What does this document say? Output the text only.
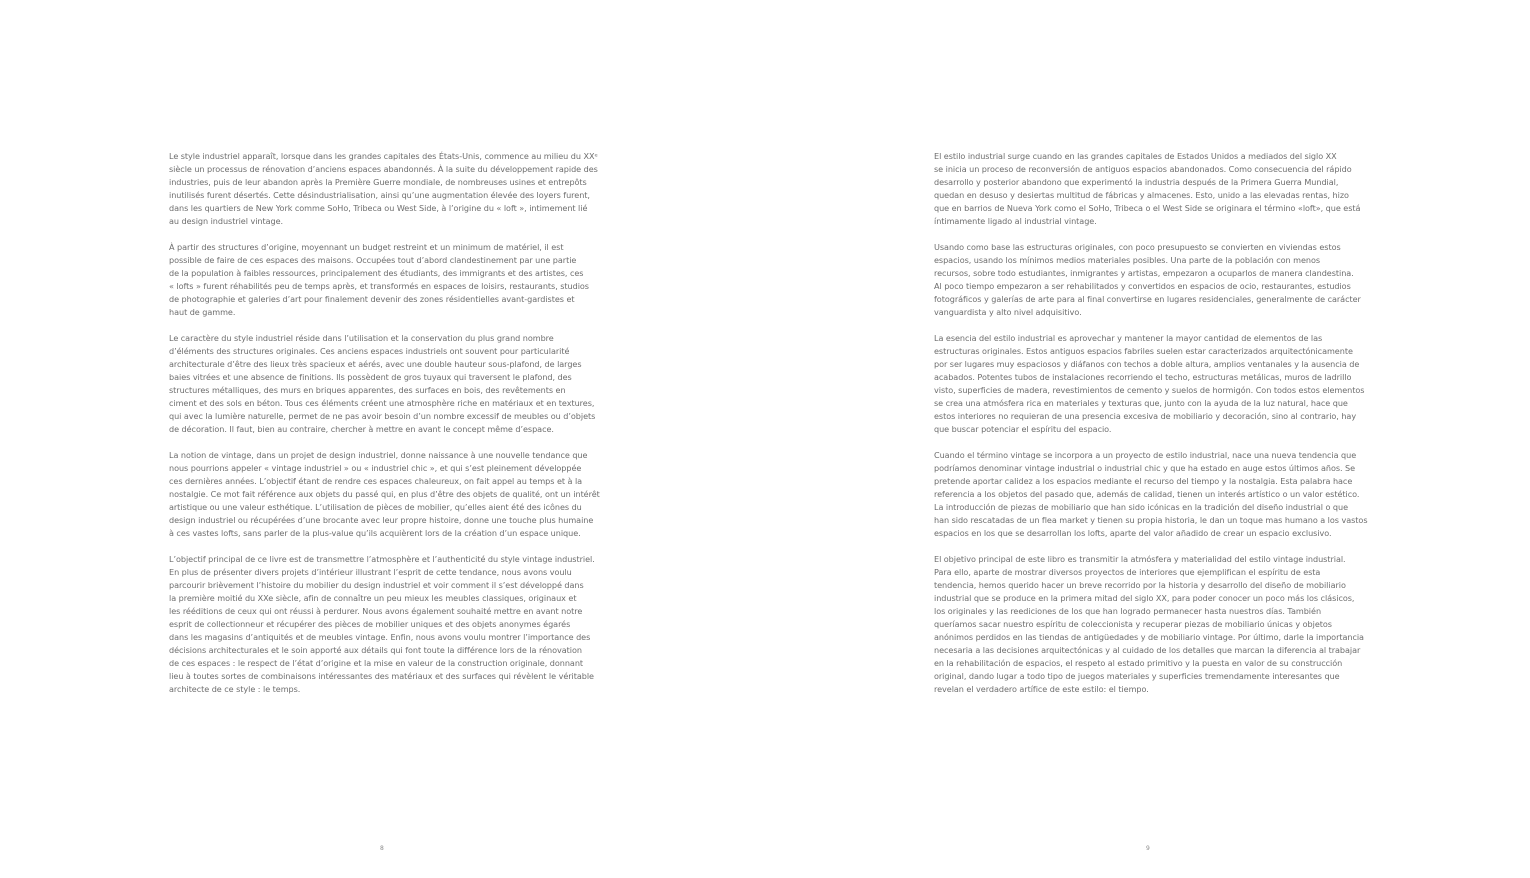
Le style industriel apparaît, lorsque dans les grandes capitales des États-Unis, commence au milieu du XXᵉ
siècle un processus de rénovation d’anciens espaces abandonnés. À la suite du développement rapide des
industries, puis de leur abandon après la Première Guerre mondiale, de nombreuses usines et entrepôts
inutilisés furent désertés. Cette désindustrialisation, ainsi qu’une augmentation élevée des loyers furent,
dans les quartiers de New York comme SoHo, Tribeca ou West Side, à l’origine du « loft », intimement lié
au design industriel vintage.
À partir des structures d’origine, moyennant un budget restreint et un minimum de matériel, il est
possible de faire de ces espaces des maisons. Occupées tout d’abord clandestinement par une partie
de la population à faibles ressources, principalement des étudiants, des immigrants et des artistes, ces
« lofts » furent réhabilités peu de temps après, et transformés en espaces de loisirs, restaurants, studios
de photographie et galeries d’art pour finalement devenir des zones résidentielles avant-gardistes et
haut de gamme.
Le caractère du style industriel réside dans l’utilisation et la conservation du plus grand nombre
d’éléments des structures originales. Ces anciens espaces industriels ont souvent pour particularité
architecturale d’être des lieux très spacieux et aérés, avec une double hauteur sous-plafond, de larges
baies vitrées et une absence de finitions. Ils possèdent de gros tuyaux qui traversent le plafond, des
structures métalliques, des murs en briques apparentes, des surfaces en bois, des revêtements en
ciment et des sols en béton. Tous ces éléments créent une atmosphère riche en matériaux et en textures,
qui avec la lumière naturelle, permet de ne pas avoir besoin d’un nombre excessif de meubles ou d’objets
de décoration. Il faut, bien au contraire, chercher à mettre en avant le concept même d’espace.
La notion de vintage, dans un projet de design industriel, donne naissance à une nouvelle tendance que
nous pourrions appeler « vintage industriel » ou « industriel chic », et qui s’est pleinement développée
ces dernières années. L’objectif étant de rendre ces espaces chaleureux, on fait appel au temps et à la
nostalgie. Ce mot fait référence aux objets du passé qui, en plus d’être des objets de qualité, ont un intérêt
artistique ou une valeur esthétique. L’utilisation de pièces de mobilier, qu’elles aient été des icônes du
design industriel ou récupérées d’une brocante avec leur propre histoire, donne une touche plus humaine
à ces vastes lofts, sans parler de la plus-value qu’ils acquièrent lors de la création d’un espace unique.
L’objectif principal de ce livre est de transmettre l’atmosphère et l’authenticité du style vintage industriel.
En plus de présenter divers projets d’intérieur illustrant l’esprit de cette tendance, nous avons voulu
parcourir brièvement l’histoire du mobilier du design industriel et voir comment il s’est développé dans
la première moitié du XXe siècle, afin de connaître un peu mieux les meubles classiques, originaux et
les rééditions de ceux qui ont réussi à perdurer. Nous avons également souhaité mettre en avant notre
esprit de collectionneur et récupérer des pièces de mobilier uniques et des objets anonymes égarés
dans les magasins d’antiquités et de meubles vintage. Enfin, nous avons voulu montrer l’importance des
décisions architecturales et le soin apporté aux détails qui font toute la différence lors de la rénovation
de ces espaces : le respect de l’état d’origine et la mise en valeur de la construction originale, donnant
lieu à toutes sortes de combinaisons intéressantes des matériaux et des surfaces qui révèlent le véritable
architecte de ce style : le temps.
8
El estilo industrial surge cuando en las grandes capitales de Estados Unidos a mediados del siglo XX
se inicia un proceso de reconversión de antiguos espacios abandonados. Como consecuencia del rápido
desarrollo y posterior abandono que experimentó la industria después de la Primera Guerra Mundial,
quedan en desuso y desiertas multitud de fábricas y almacenes. Esto, unido a las elevadas rentas, hizo
que en barrios de Nueva York como el SoHo, Tribeca o el West Side se originara el término «loft», que está
íntimamente ligado al industrial vintage.
Usando como base las estructuras originales, con poco presupuesto se convierten en viviendas estos
espacios, usando los mínimos medios materiales posibles. Una parte de la población con menos
recursos, sobre todo estudiantes, inmigrantes y artistas, empezaron a ocuparlos de manera clandestina.
Al poco tiempo empezaron a ser rehabilitados y convertidos en espacios de ocio, restaurantes, estudios
fotográficos y galerías de arte para al final convertirse en lugares residenciales, generalmente de carácter
vanguardista y alto nivel adquisitivo.
La esencia del estilo industrial es aprovechar y mantener la mayor cantidad de elementos de las
estructuras originales. Estos antiguos espacios fabriles suelen estar caracterizados arquitectónicamente
por ser lugares muy espaciosos y diáfanos con techos a doble altura, amplios ventanales y la ausencia de
acabados. Potentes tubos de instalaciones recorriendo el techo, estructuras metálicas, muros de ladrillo
visto, superficies de madera, revestimientos de cemento y suelos de hormigón. Con todos estos elementos
se crea una atmósfera rica en materiales y texturas que, junto con la ayuda de la luz natural, hace que
estos interiores no requieran de una presencia excesiva de mobiliario y decoración, sino al contrario, hay
que buscar potenciar el espíritu del espacio.
Cuando el término vintage se incorpora a un proyecto de estilo industrial, nace una nueva tendencia que
podríamos denominar vintage industrial o industrial chic y que ha estado en auge estos últimos años. Se
pretende aportar calidez a los espacios mediante el recurso del tiempo y la nostalgia. Esta palabra hace
referencia a los objetos del pasado que, además de calidad, tienen un interés artístico o un valor estético.
La introducción de piezas de mobiliario que han sido icónicas en la tradición del diseño industrial o que
han sido rescatadas de un flea market y tienen su propia historia, le dan un toque mas humano a los vastos
espacios en los que se desarrollan los lofts, aparte del valor añadido de crear un espacio exclusivo.
El objetivo principal de este libro es transmitir la atmósfera y materialidad del estilo vintage industrial.
Para ello, aparte de mostrar diversos proyectos de interiores que ejemplifican el espíritu de esta
tendencia, hemos querido hacer un breve recorrido por la historia y desarrollo del diseño de mobiliario
industrial que se produce en la primera mitad del siglo XX, para poder conocer un poco más los clásicos,
los originales y las reediciones de los que han logrado permanecer hasta nuestros días. También
queríamos sacar nuestro espíritu de coleccionista y recuperar piezas de mobiliario únicas y objetos
anónimos perdidos en las tiendas de antigüedades y de mobiliario vintage. Por último, darle la importancia
necesaria a las decisiones arquitectónicas y al cuidado de los detalles que marcan la diferencia al trabajar
en la rehabilitación de espacios, el respeto al estado primitivo y la puesta en valor de su construcción
original, dando lugar a todo tipo de juegos materiales y superficies tremendamente interesantes que
revelan el verdadero artífice de este estilo: el tiempo.
9
